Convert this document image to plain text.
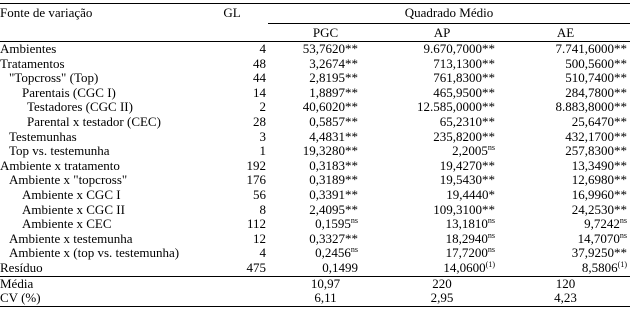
Fonte de variação	GL	Quadrado Médio		
		PGC	AP	AE
Ambientes	4	53,7620**	9.670,7000**	7.741,6000**
Tratamentos	48	3,2674**	713,1300**	500,5600**
"Topcross" (Top)	44	2,8195**	761,8300**	510,7400**
Parentais (CGC I)	14	1,8897**	465,9500**	284,7800**
Testadores (CGC II)	2	40,6020**	12.585,0000**	8.883,8000**
Parental x testador (CEC)	28	0,5857**	65,2310**	25,6470**
Testemunhas	3	4,4831**	235,8200**	432,1700**
Top vs. testemunha	1	19,3280**	$2,2005^{ns}$	257,8300**
Ambiente x tratamento	192	0,3183**	19,4270**	13,3490**
Ambiente x "topcross"	176	0,3189**	19,5430**	12,6980**
Ambiente x CGC I	56	0,3391**	19,4440*	16,9960**
Ambiente x CGC II	8	2,4095**	109,3100**	24,2530**
Ambiente x CEC	112	$0,1595^{ns}$	$13,1810^{ns}$	$9,7242^{ns}$
Ambiente x testemunha	12	0,3327**	$18,2940^{ns}$	$14,7070^{ns}$
Ambiente x (top vs. testemunha)	4	$0,2456^{ns}$	$17,7200^{ns}$	37,9250**
Resíduo	475	0,1499	14,0600$^{(1)}$	8,5806$^{(1)}$
Média		10,97	220	120
CV (%)		6,11	2,95	4,23
